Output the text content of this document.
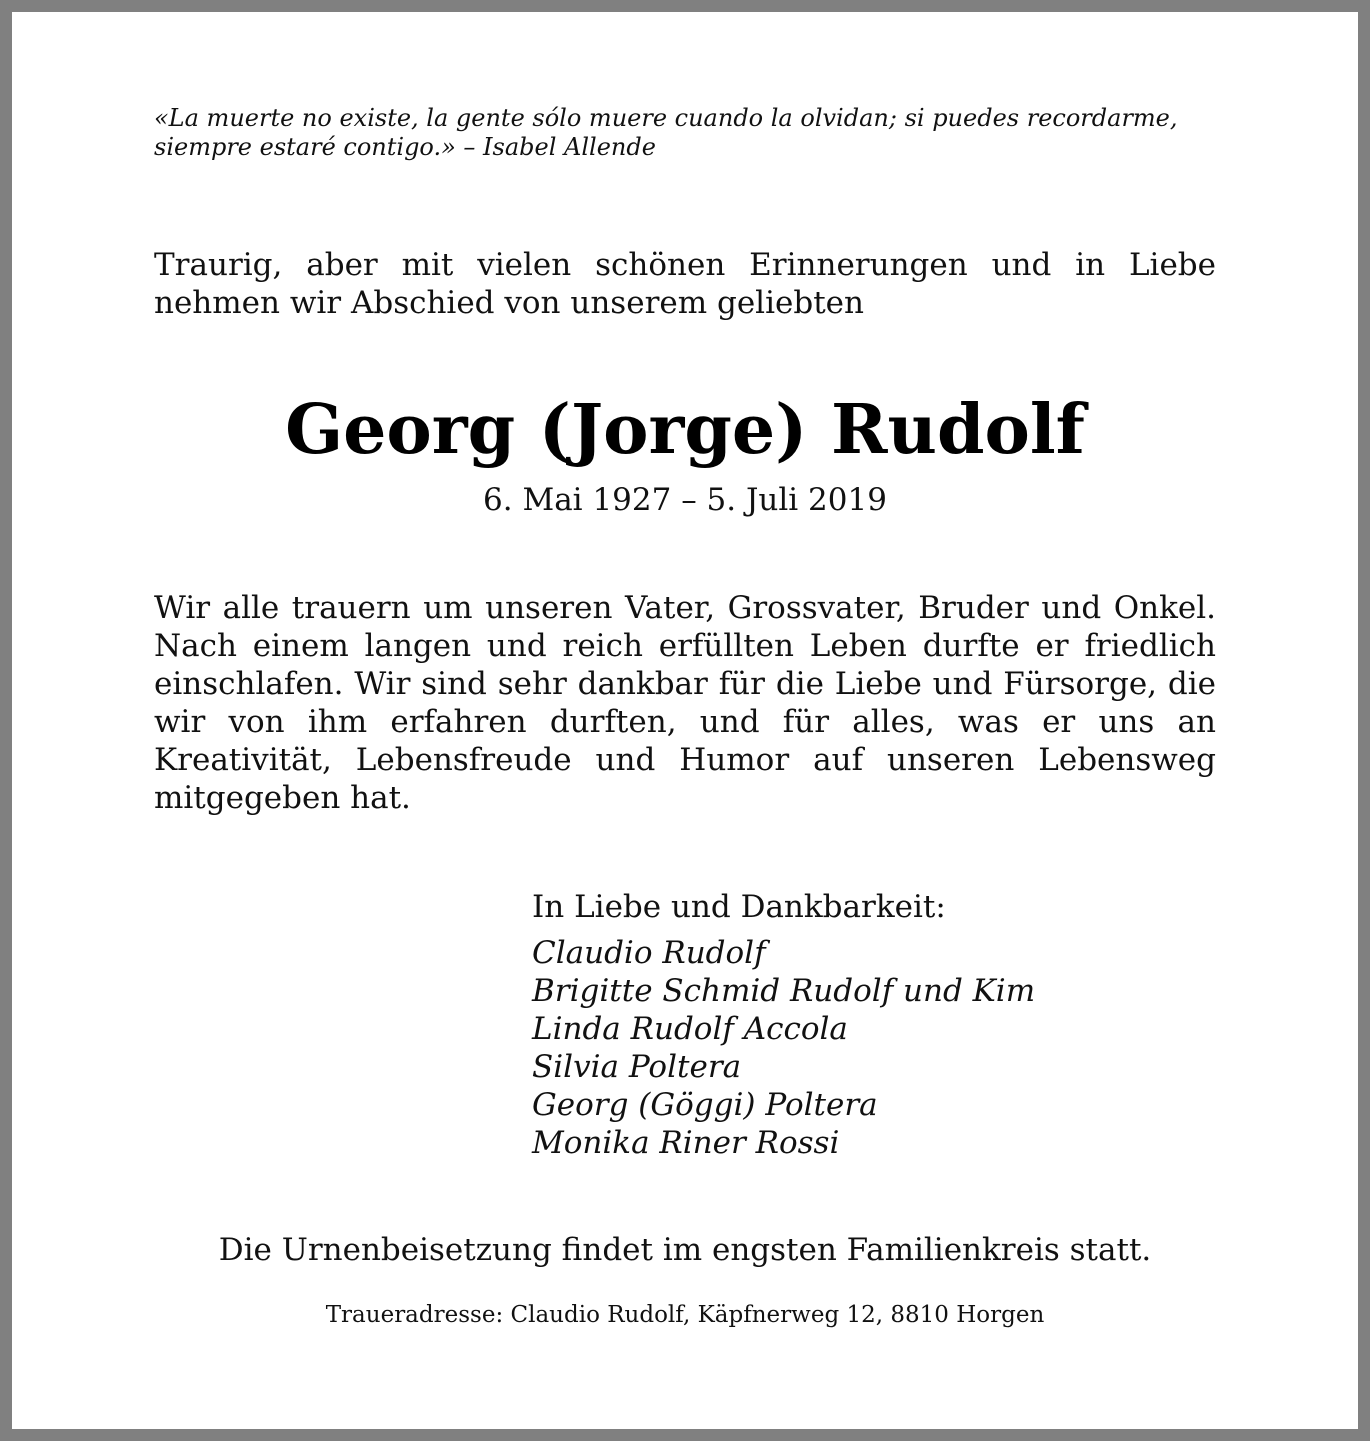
«La muerte no existe, la gente sólo muere cuando la olvidan; si puedes recordarme, siempre estaré contigo.» – Isabel Allende
Traurig, aber mit vielen schönen Erinnerungen und in Liebe nehmen wir Abschied von unserem geliebten
Georg (Jorge) Rudolf
6. Mai 1927 – 5. Juli 2019
Wir alle trauern um unseren Vater, Grossvater, Bruder und Onkel. Nach einem langen und reich erfüllten Leben durfte er friedlich einschlafen. Wir sind sehr dankbar für die Liebe und Fürsorge, die wir von ihm erfahren durften, und für alles, was er uns an Kreativität, Lebensfreude und Humor auf unseren Lebensweg mitgegeben hat.
In Liebe und Dankbarkeit:
Claudio Rudolf
Brigitte Schmid Rudolf und Kim
Linda Rudolf Accola
Silvia Poltera
Georg (Göggi) Poltera
Monika Riner Rossi
Die Urnenbeisetzung findet im engsten Familienkreis statt.
Traueradresse: Claudio Rudolf, Käpfnerweg 12, 8810 Horgen
